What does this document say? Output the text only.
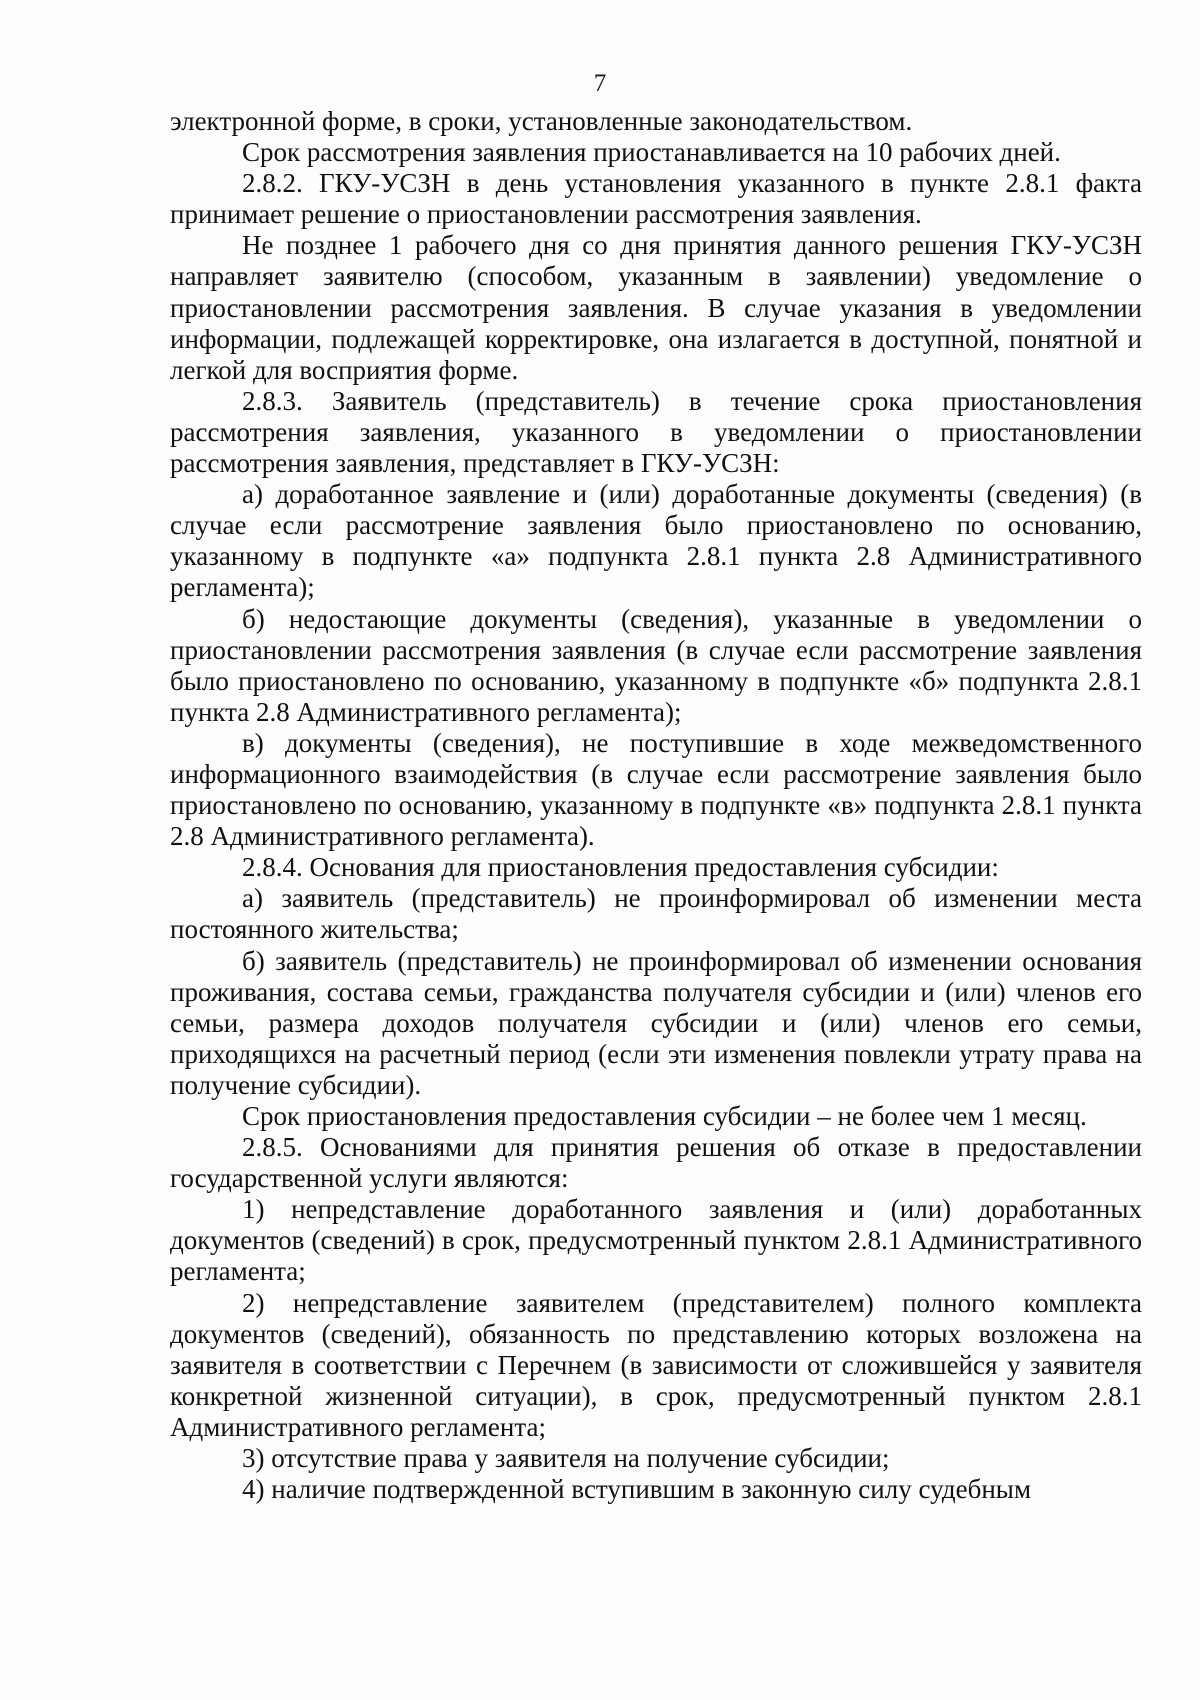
7

электронной форме, в сроки, установленные законодательством.

Срок рассмотрения заявления приостанавливается на 10 рабочих дней.

2.8.2. ГКУ-УСЗН в день установления указанного в пункте 2.8.1 факта принимает решение о приостановлении рассмотрения заявления.

Не позднее 1 рабочего дня со дня принятия данного решения ГКУ-УСЗН направляет заявителю (способом, указанным в заявлении) уведомление о приостановлении рассмотрения заявления. В случае указания в уведомлении информации, подлежащей корректировке, она излагается в доступной, понятной и легкой для восприятия форме.

2.8.3. Заявитель (представитель) в течение срока приостановления рассмотрения заявления, указанного в уведомлении о приостановлении рассмотрения заявления, представляет в ГКУ-УСЗН:

а) доработанное заявление и (или) доработанные документы (сведения) (в случае если рассмотрение заявления было приостановлено по основанию, указанному в подпункте «а» подпункта 2.8.1 пункта 2.8 Административного регламента);

б) недостающие документы (сведения), указанные в уведомлении о приостановлении рассмотрения заявления (в случае если рассмотрение заявления было приостановлено по основанию, указанному в подпункте «б» подпункта 2.8.1 пункта 2.8 Административного регламента);

в) документы (сведения), не поступившие в ходе межведомственного информационного взаимодействия (в случае если рассмотрение заявления было приостановлено по основанию, указанному в подпункте «в» подпункта 2.8.1 пункта 2.8 Административного регламента).

2.8.4. Основания для приостановления предоставления субсидии:

а) заявитель (представитель) не проинформировал об изменении места постоянного жительства;

б) заявитель (представитель) не проинформировал об изменении основания проживания, состава семьи, гражданства получателя субсидии и (или) членов его семьи, размера доходов получателя субсидии и (или) членов его семьи, приходящихся на расчетный период (если эти изменения повлекли утрату права на получение субсидии).

Срок приостановления предоставления субсидии – не более чем 1 месяц.

2.8.5. Основаниями для принятия решения об отказе в предоставлении государственной услуги являются:

1) непредставление доработанного заявления и (или) доработанных документов (сведений) в срок, предусмотренный пунктом 2.8.1 Административного регламента;

2) непредставление заявителем (представителем) полного комплекта документов (сведений), обязанность по представлению которых возложена на заявителя в соответствии с Перечнем (в зависимости от сложившейся у заявителя конкретной жизненной ситуации), в срок, предусмотренный пунктом 2.8.1 Административного регламента;

3) отсутствие права у заявителя на получение субсидии;

4) наличие подтвержденной вступившим в законную силу судебным
